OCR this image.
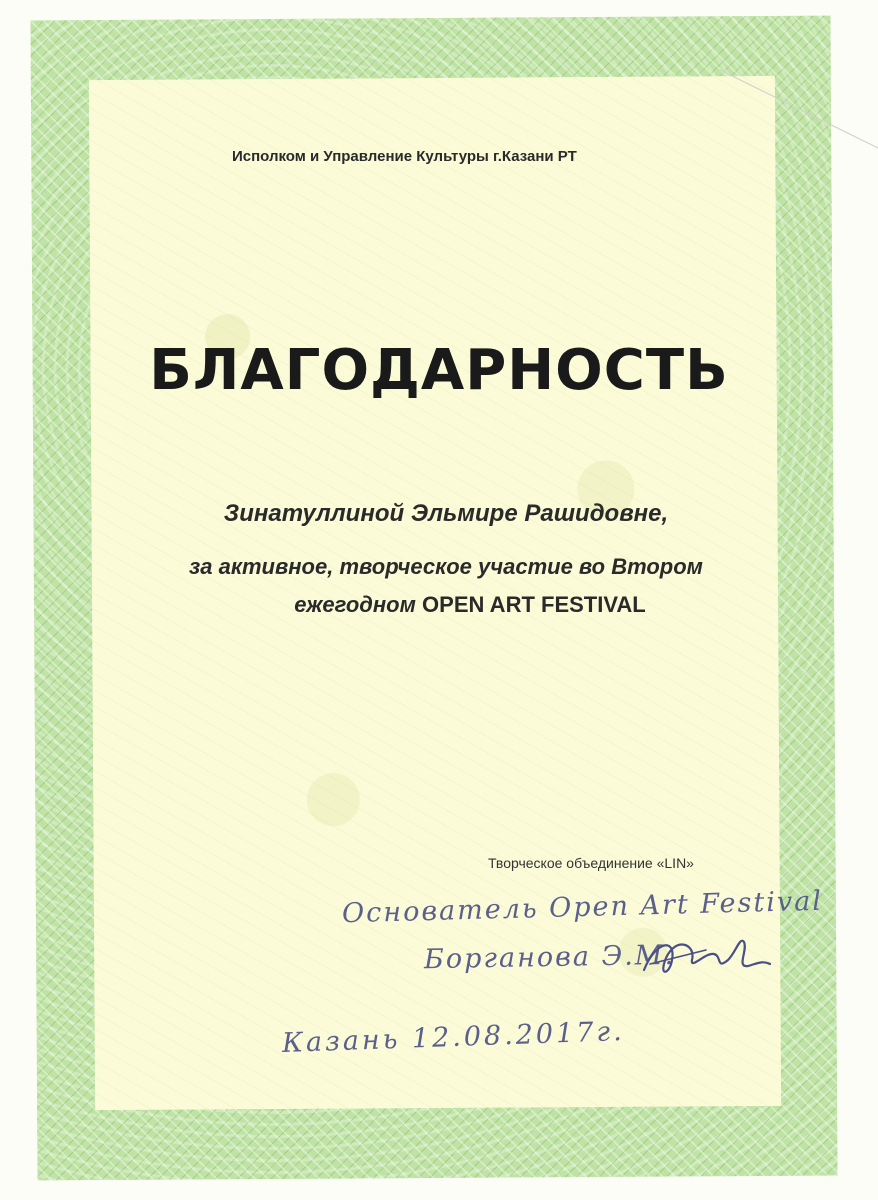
Исполком и Управление Культуры г.Казани РТ
БЛАГОДАРНОСТЬ
Зинатуллиной Эльмире Рашидовне,
за активное, творческое участие во Втором
ежегодном OPEN ART FESTIVAL
Творческое объединение «LIN»
Основатель Open Art Festival
Борганова Э.М.
Казань 12.08.2017г.
